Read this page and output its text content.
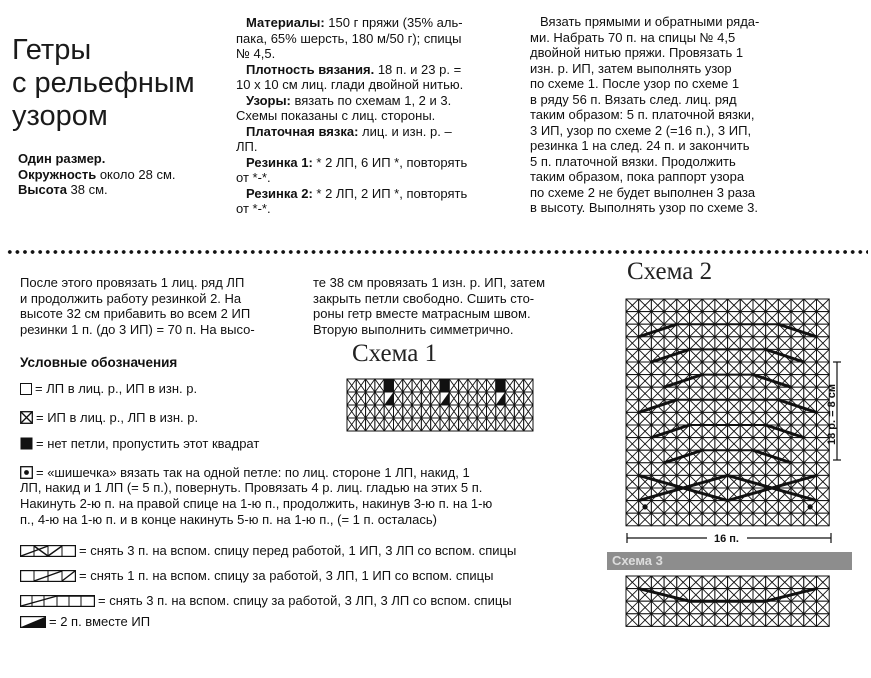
Гетры
с рельефным
узором
Один размер.
Окружность около 28 см.
Высота 38 см.
Материалы: 150 г пряжи (35% аль-
пака, 65% шерсть, 180 м/50 г); спицы
№ 4,5.
Плотность вязания. 18 п. и 23 р. =
10 х 10 см лиц. глади двойной нитью.
Узоры: вязать по схемам 1, 2 и 3.
Схемы показаны с лиц. стороны.
Платочная вязка: лиц. и изн. р. –
ЛП.
Резинка 1: * 2 ЛП, 6 ИП *, повторять
от *-*.
Резинка 2: * 2 ЛП, 2 ИП *, повторять
от *-*.
Вязать прямыми и обратными ряда-
ми. Набрать 70 п. на спицы № 4,5
двойной нитью пряжи. Провязать 1
изн. р. ИП, затем выполнять узор
по схеме 1. После узор по схеме 1
в ряду 56 п. Вязать след. лиц. ряд
таким образом: 5 п. платочной вязки,
3 ИП, узор по схеме 2 (=16 п.), 3 ИП,
резинка 1 на след. 24 п. и закончить
5 п. платочной вязки. Продолжить
таким образом, пока раппорт узора
по схеме 2 не будет выполнен 3 раза
в высоту. Выполнять узор по схеме 3.
После этого провязать 1 лиц. ряд ЛП
и продолжить работу резинкой 2. На
высоте 32 см прибавить во всем 2 ИП
резинки 1 п. (до 3 ИП) = 70 п. На высо-
те 38 см провязать 1 изн. р. ИП, затем
закрыть петли свободно. Сшить сто-
роны гетр вместе матрасным швом.
Вторую выполнить симметрично.
Схема 1
Схема 2
18 р. = 8 см
16 п.
Схема 3
Условные обозначения
= ЛП в лиц. р., ИП в изн. р.
= ИП в лиц. р., ЛП в изн. р.
= нет петли, пропустить этот квадрат
= «шишечка» вязать так на одной петле: по лиц. стороне 1 ЛП, накид, 1
ЛП, накид и 1 ЛП (= 5 п.), повернуть. Провязать 4 р. лиц. гладью на этих 5 п.
Накинуть 2-ю п. на правой спице на 1-ю п., продолжить, накинув 3-ю п. на 1-ю
п., 4-ю на 1-ю п. и в конце накинуть 5-ю п. на 1-ю п., (= 1 п. осталась)
= снять 3 п. на вспом. спицу перед работой, 1 ИП, 3 ЛП со вспом. спицы
= снять 1 п. на вспом. спицу за работой, 3 ЛП, 1 ИП со вспом. спицы
= снять 3 п. на вспом. спицу за работой, 3 ЛП, 3 ЛП со вспом. спицы
= 2 п. вместе ИП
